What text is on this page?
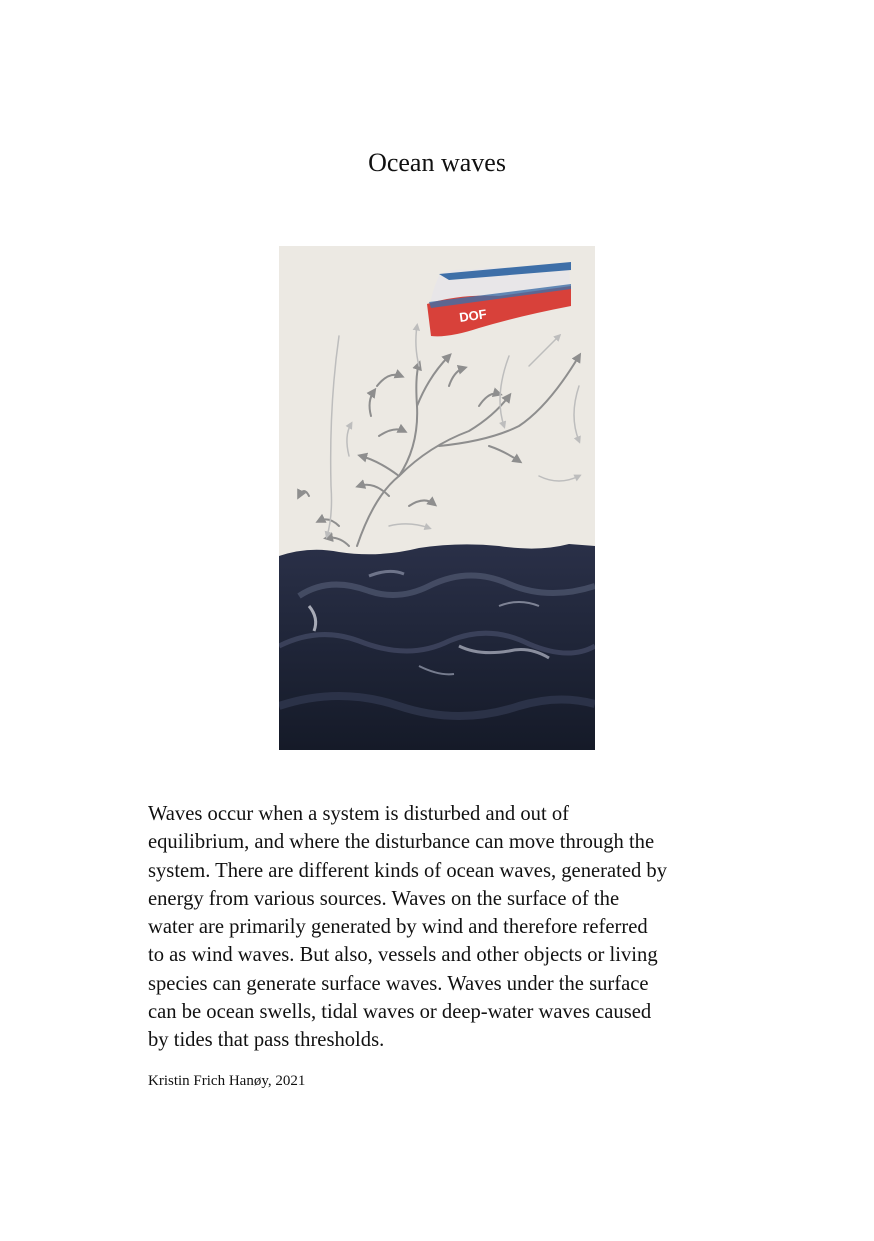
Ocean waves
DOF

Waves occur when a system is disturbed and out of
equilibrium, and where the disturbance can move through the
system. There are different kinds of ocean waves, generated by
energy from various sources. Waves on the surface of the
water are primarily generated by wind and therefore referred
to as wind waves. But also, vessels and other objects or living
species can generate surface waves. Waves under the surface
can be ocean swells, tidal waves or deep-water waves caused
by tides that pass thresholds.

Kristin Frich Hanøy, 2021
